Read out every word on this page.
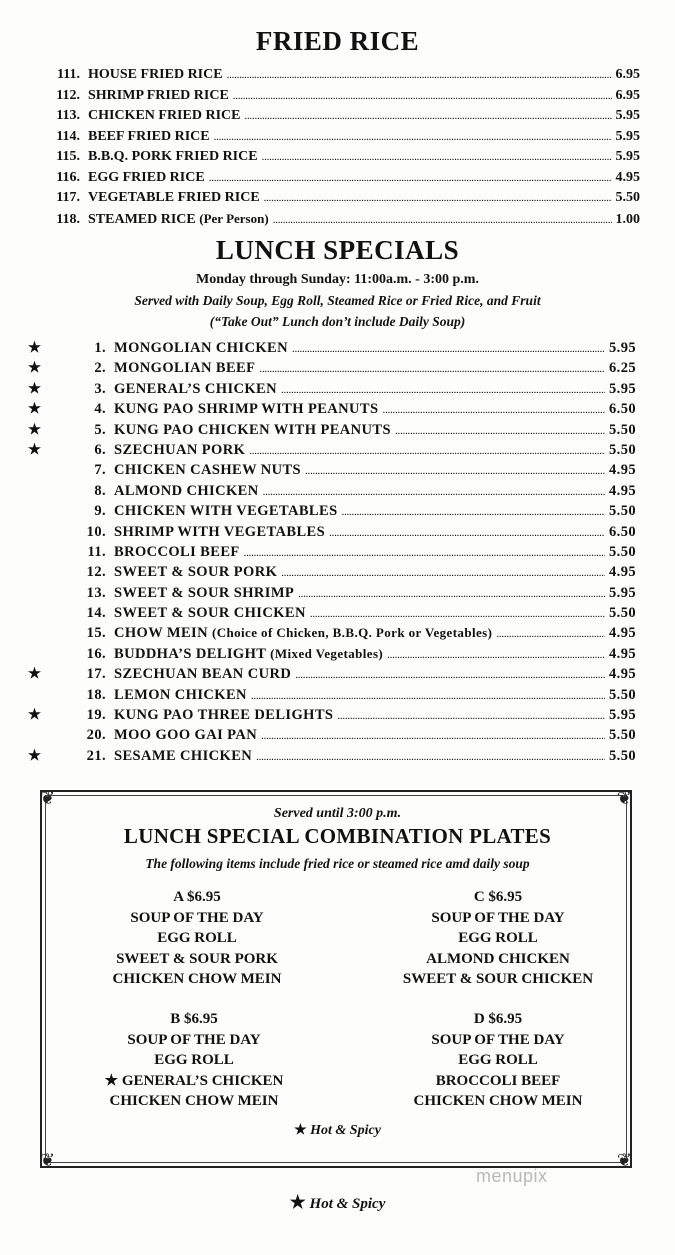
FRIED RICE
111. HOUSE FRIED RICE . . .	6.95
112. SHRIMP FRIED RICE . . .	6.95
113. CHICKEN FRIED RICE . . .	5.95
114. BEEF FRIED RICE . . .	5.95
115. B.B.Q. PORK FRIED RICE . . .	5.95
116. EGG FRIED RICE . . .	4.95
117. VEGETABLE FRIED RICE . . .	5.50
118. STEAMED RICE (Per Person) . . .	1.00
LUNCH SPECIALS
Monday through Sunday: 11:00a.m. - 3:00 p.m.
Served with Daily Soup, Egg Roll, Steamed Rice or Fried Rice, and Fruit
(“Take Out” Lunch don’t include Daily Soup)
★	1. MONGOLIAN CHICKEN . . .	5.95
★	2. MONGOLIAN BEEF . . .	6.25
★	3. GENERAL’S CHICKEN . . .	5.95
★	4. KUNG PAO SHRIMP WITH PEANUTS . . .	6.50
★	5. KUNG PAO CHICKEN WITH PEANUTS . . .	5.50
★	6. SZECHUAN PORK . . .	5.50
7. CHICKEN CASHEW NUTS . . .	4.95
8. ALMOND CHICKEN . . .	4.95
9. CHICKEN WITH VEGETABLES . . .	5.50
10. SHRIMP WITH VEGETABLES . . .	6.50
11. BROCCOLI BEEF . . .	5.50
12. SWEET & SOUR PORK . . .	4.95
13. SWEET & SOUR SHRIMP . . .	5.95
14. SWEET & SOUR CHICKEN . . .	5.50
15. CHOW MEIN (Choice of Chicken, B.B.Q. Pork or Vegetables) . . .	4.95
16. BUDDHA’S DELIGHT (Mixed Vegetables) . . .	4.95
★	17. SZECHUAN BEAN CURD . . .	4.95
18. LEMON CHICKEN . . .	5.50
★	19. KUNG PAO THREE DELIGHTS . . .	5.95
20. MOO GOO GAI PAN . . .	5.50
★	21. SESAME CHICKEN . . .	5.50
❦	❦
❦	❦
Served until 3:00 p.m.
LUNCH SPECIAL COMBINATION PLATES
The following items include fried rice or steamed rice amd daily soup
A $6.95
SOUP OF THE DAY
EGG ROLL
SWEET & SOUR PORK
CHICKEN CHOW MEIN
C $6.95
SOUP OF THE DAY
EGG ROLL
ALMOND CHICKEN
SWEET & SOUR CHICKEN
B $6.95
SOUP OF THE DAY
EGG ROLL
★ GENERAL’S CHICKEN
CHICKEN CHOW MEIN
D $6.95
SOUP OF THE DAY
EGG ROLL
BROCCOLI BEEF
CHICKEN CHOW MEIN
★ Hot & Spicy
menupix
★ Hot & Spicy
